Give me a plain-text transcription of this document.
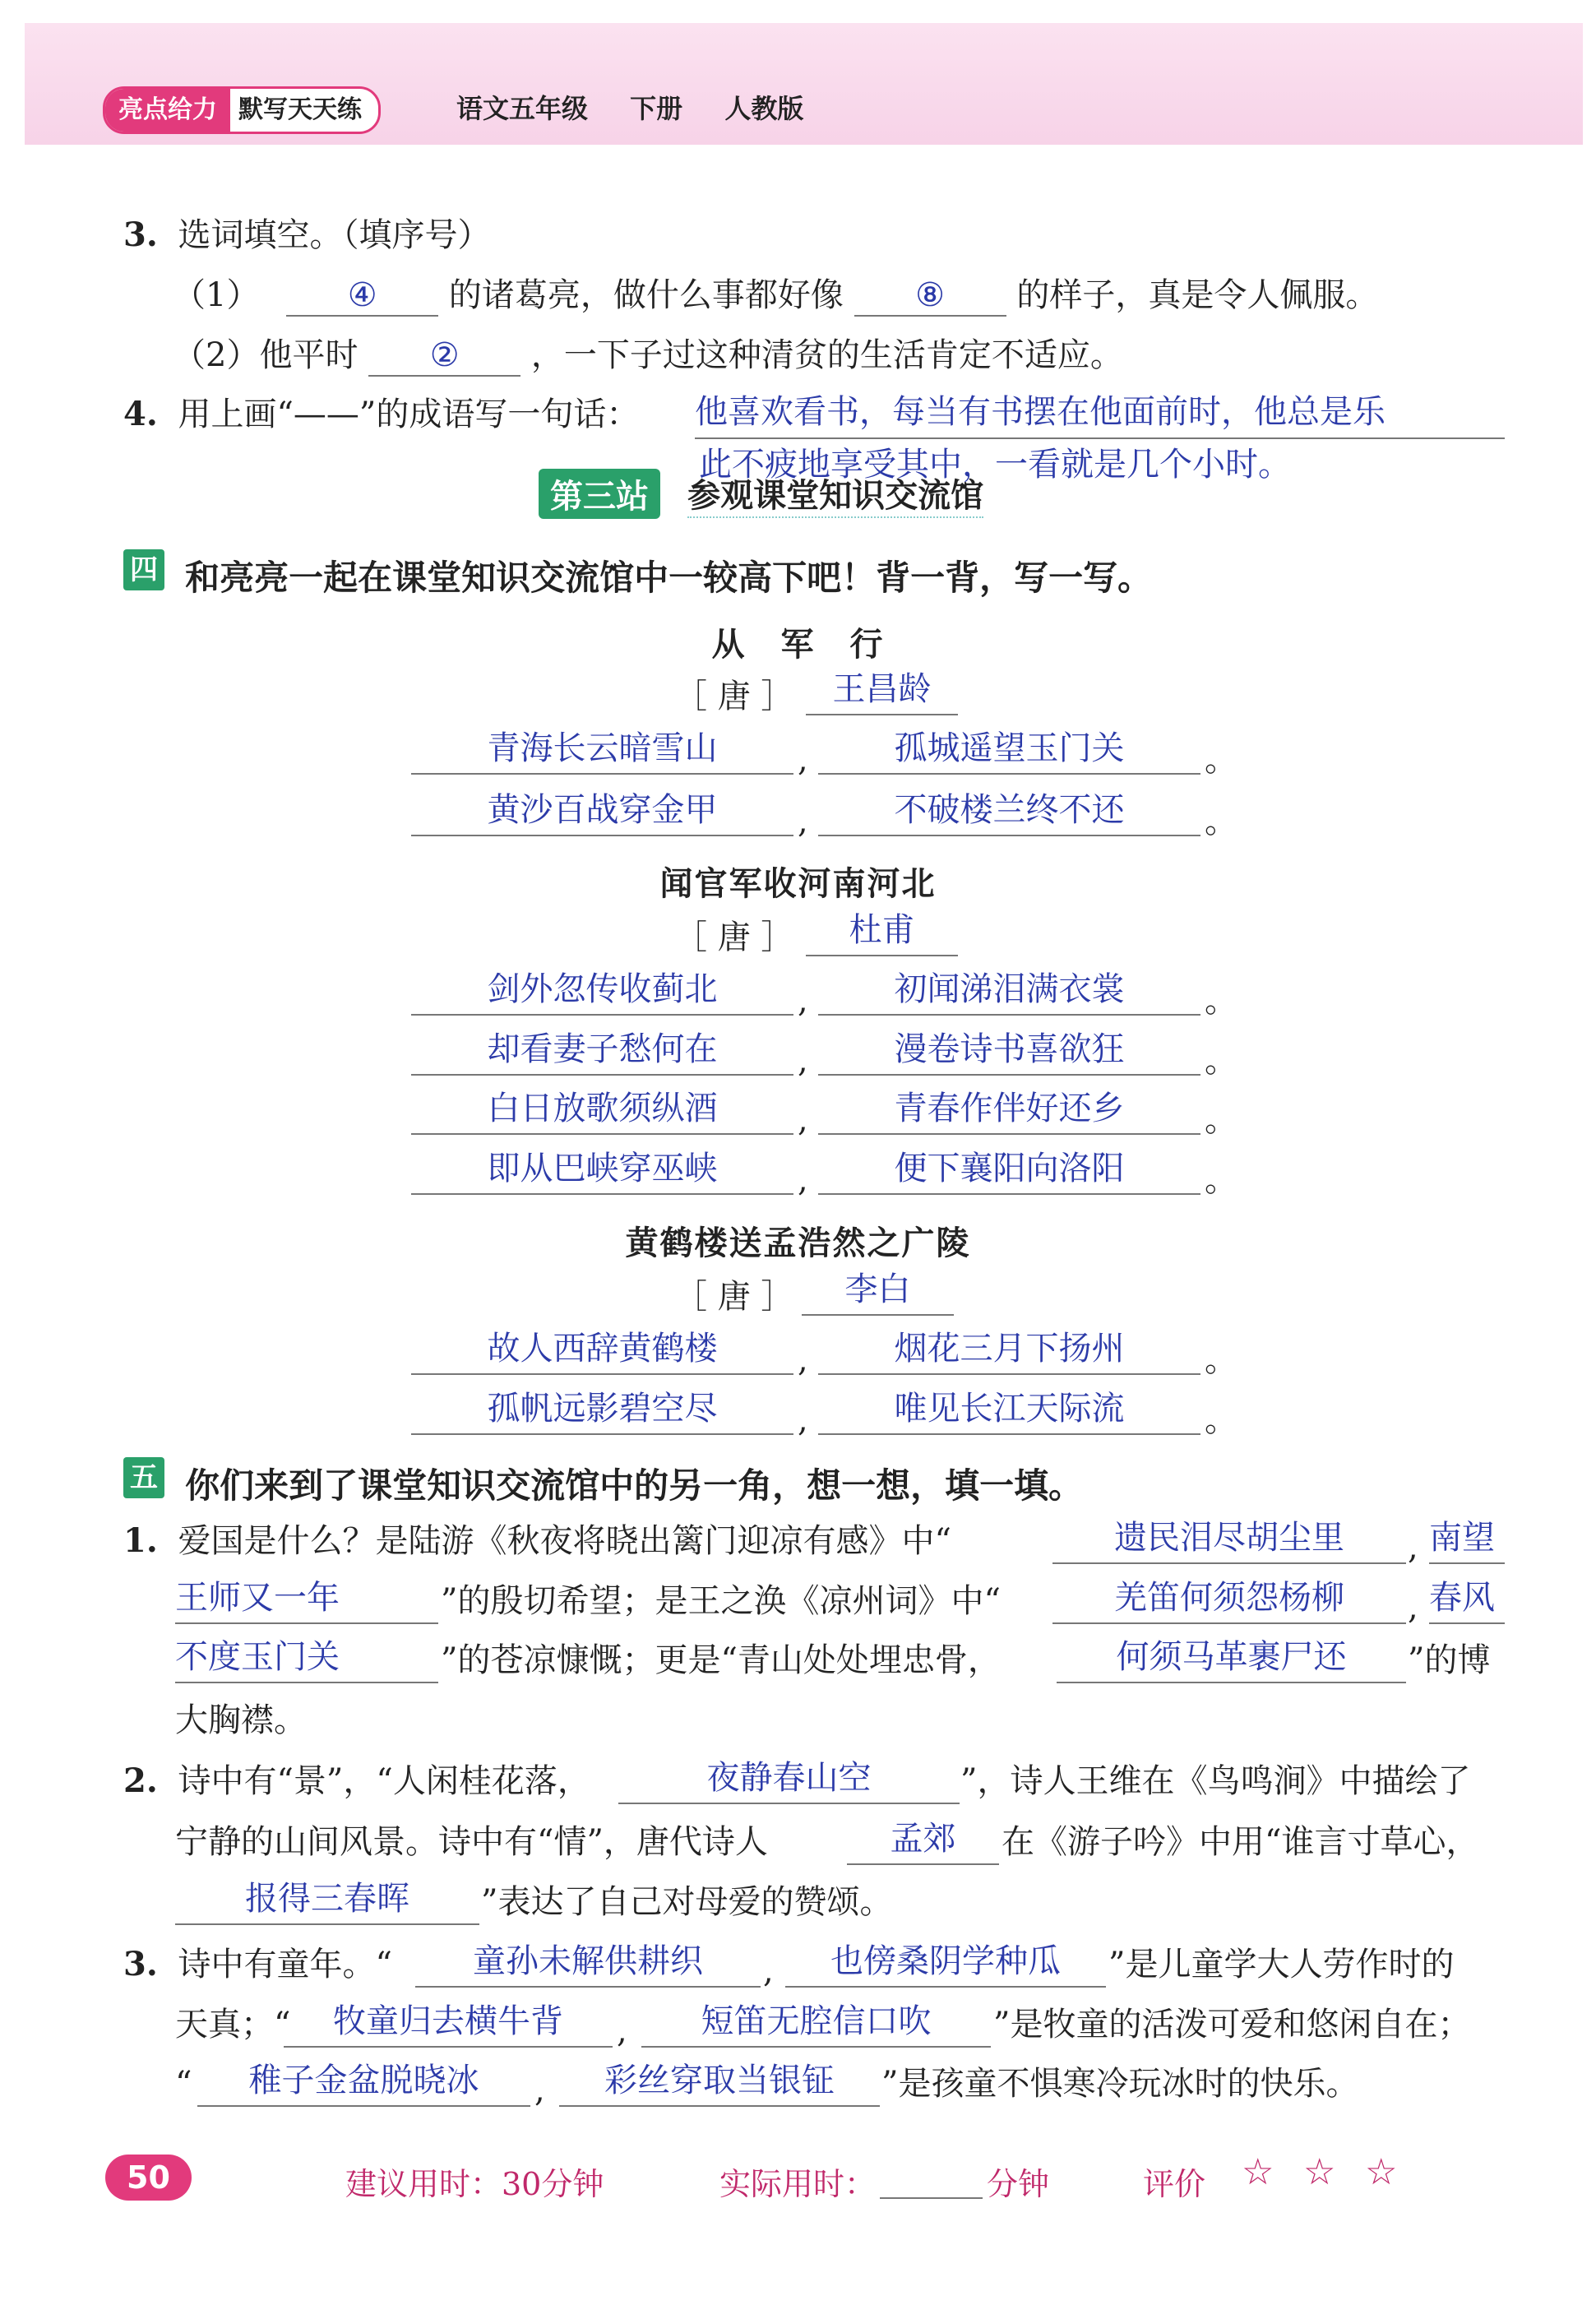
亮点给力 默写天天练	语文五年级 下册 人教版
3. 选词填空。（填序号）
（1）	④ 的诸葛亮，做什么事都好像 ⑧ 的样子，真是令人佩服。
（2）他平时 ② ，一下子过这种清贫的生活肯定不适应。
4. 用上画“——”的成语写一句话： 他喜欢看书，每当有书摆在他面前时，他总是乐
此不疲地享受其中，一看就是几个小时。
第三站 参观课堂知识交流馆
四 和亮亮一起在课堂知识交流馆中一较高下吧！背一背，写一写。
从　军　行
［ 唐 ］	王昌龄
青海长云暗雪山	,	孤城遥望玉门关	。
黄沙百战穿金甲	,	不破楼兰终不还	。
闻官军收河南河北
［ 唐 ］	杜甫
剑外忽传收蓟北	,	初闻涕泪满衣裳	。
却看妻子愁何在	,	漫卷诗书喜欲狂	。
白日放歌须纵酒	,	青春作伴好还乡	。
即从巴峡穿巫峡	,	便下襄阳向洛阳	。
黄鹤楼送孟浩然之广陵
［ 唐 ］	李白
故人西辞黄鹤楼	,	烟花三月下扬州	。
孤帆远影碧空尽	,	唯见长江天际流	。
五 你们来到了课堂知识交流馆中的另一角，想一想，填一填。
1. 爱国是什么？是陆游《秋夜将晓出篱门迎凉有感》中“	遗民泪尽胡尘里	, 南望
王师又一年	”的殷切希望；是王之涣《凉州词》中“	羌笛何须怨杨柳	, 春风
不度玉门关	”的苍凉慷慨；更是“青山处处埋忠骨，	何须马革裹尸还	”的博
大胸襟。
2. 诗中有“景”，“人闲桂花落，	夜静春山空	”，诗人王维在《鸟鸣涧》中描绘了
宁静的山间风景。诗中有“情”，唐代诗人	孟郊	在《游子吟》中用“谁言寸草心，
报得三春晖	”表达了自己对母爱的赞颂。
3. 诗中有童年。“	童孙未解供耕织	,	也傍桑阴学种瓜	”是儿童学大人劳作时的
天真；“	牧童归去横牛背	,	短笛无腔信口吹	”是牧童的活泼可爱和悠闲自在；
“	稚子金盆脱晓冰	,	彩丝穿取当银钲	”是孩童不惧寒冷玩冰时的快乐。
50	建议用时：30分钟	实际用时：	分钟	评价 ☆ ☆ ☆
